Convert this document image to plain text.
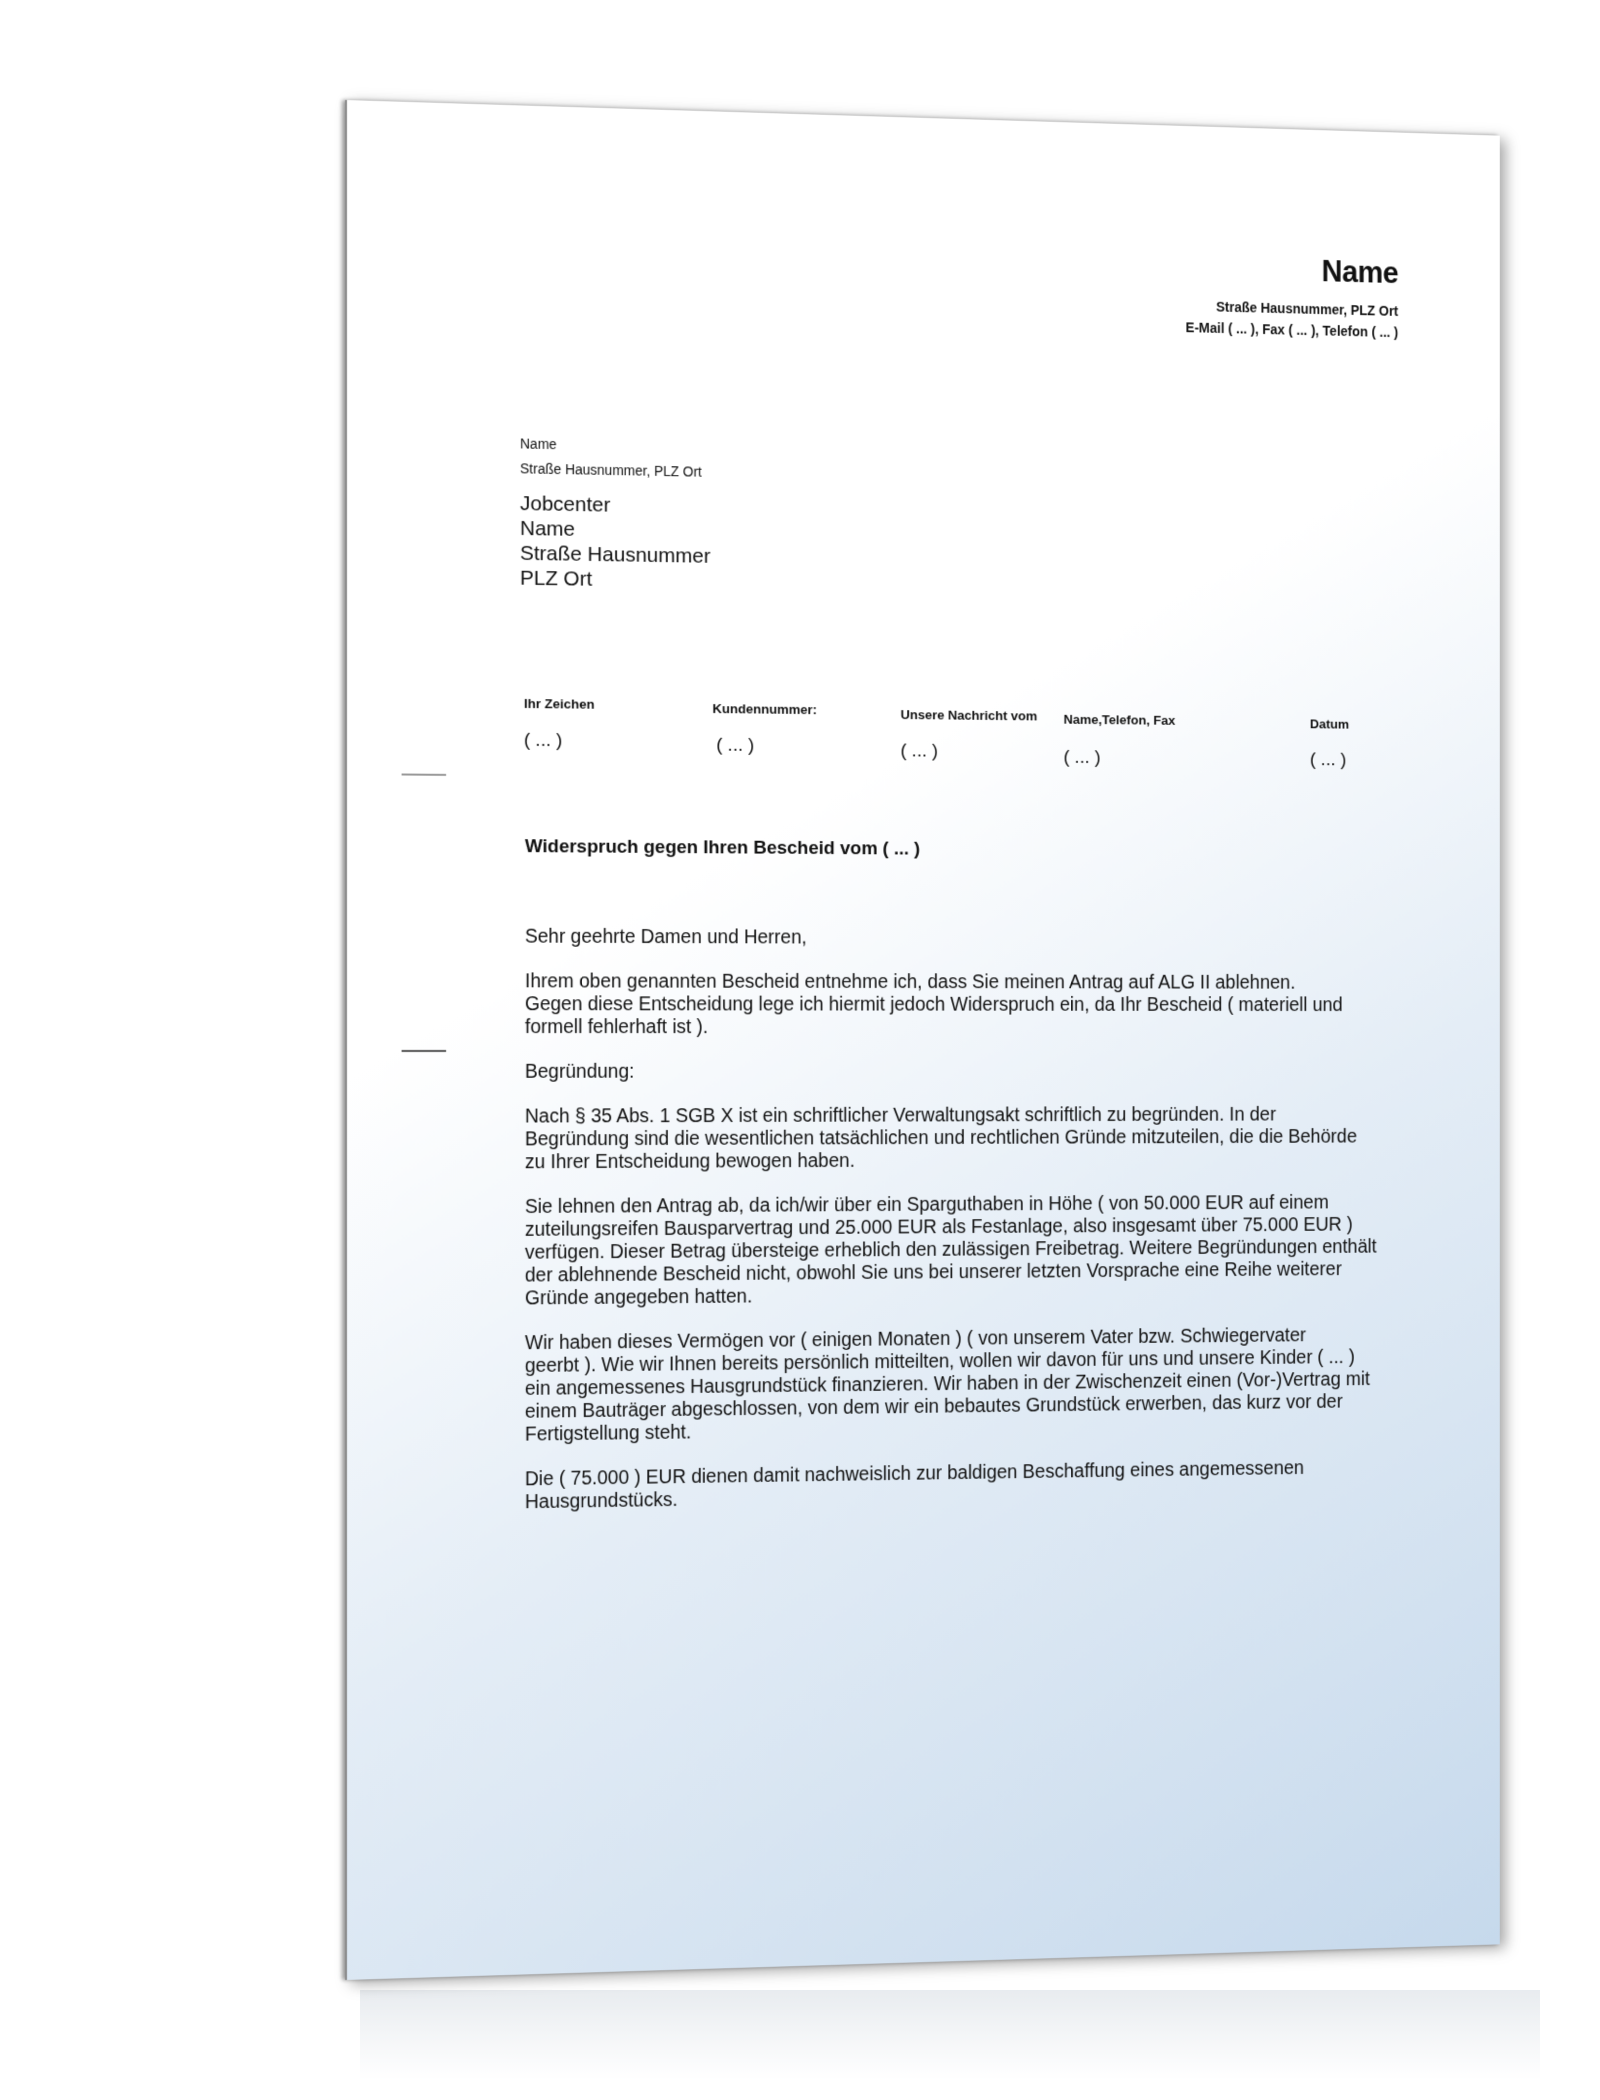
Name
Straße Hausnummer, PLZ Ort
E-Mail ( ... ), Fax ( ... ), Telefon ( ... )
Name
Straße Hausnummer, PLZ Ort
Jobcenter
Name
Straße Hausnummer
PLZ Ort
Ihr Zeichen
( ... )
Kundennummer:
( ... )
Unsere Nachricht vom
( ... )
Name,Telefon, Fax
( ... )
Datum
( ... )
Widerspruch gegen Ihren Bescheid vom ( ... )

Sehr geehrte Damen und Herren,

Ihrem oben genannten Bescheid entnehme ich, dass Sie meinen Antrag auf ALG II ablehnen.
Gegen diese Entscheidung lege ich hiermit jedoch Widerspruch ein, da Ihr Bescheid ( materiell und
formell fehlerhaft ist ).

Begründung:

Nach § 35 Abs. 1 SGB X ist ein schriftlicher Verwaltungsakt schriftlich zu begründen. In der
Begründung sind die wesentlichen tatsächlichen und rechtlichen Gründe mitzuteilen, die die Behörde
zu Ihrer Entscheidung bewogen haben.

Sie lehnen den Antrag ab, da ich/wir über ein Sparguthaben in Höhe ( von 50.000 EUR auf einem
zuteilungsreifen Bausparvertrag und 25.000 EUR als Festanlage, also insgesamt über 75.000 EUR )
verfügen. Dieser Betrag übersteige erheblich den zulässigen Freibetrag. Weitere Begründungen enthält
der ablehnende Bescheid nicht, obwohl Sie uns bei unserer letzten Vorsprache eine Reihe weiterer
Gründe angegeben hatten.

Wir haben dieses Vermögen vor ( einigen Monaten ) ( von unserem Vater bzw. Schwiegervater
geerbt ). Wie wir Ihnen bereits persönlich mitteilten, wollen wir davon für uns und unsere Kinder ( ... )
ein angemessenes Hausgrundstück finanzieren. Wir haben in der Zwischenzeit einen (Vor-)Vertrag mit
einem Bauträger abgeschlossen, von dem wir ein bebautes Grundstück erwerben, das kurz vor der
Fertigstellung steht.

Die ( 75.000 ) EUR dienen damit nachweislich zur baldigen Beschaffung eines angemessenen
Hausgrundstücks.
